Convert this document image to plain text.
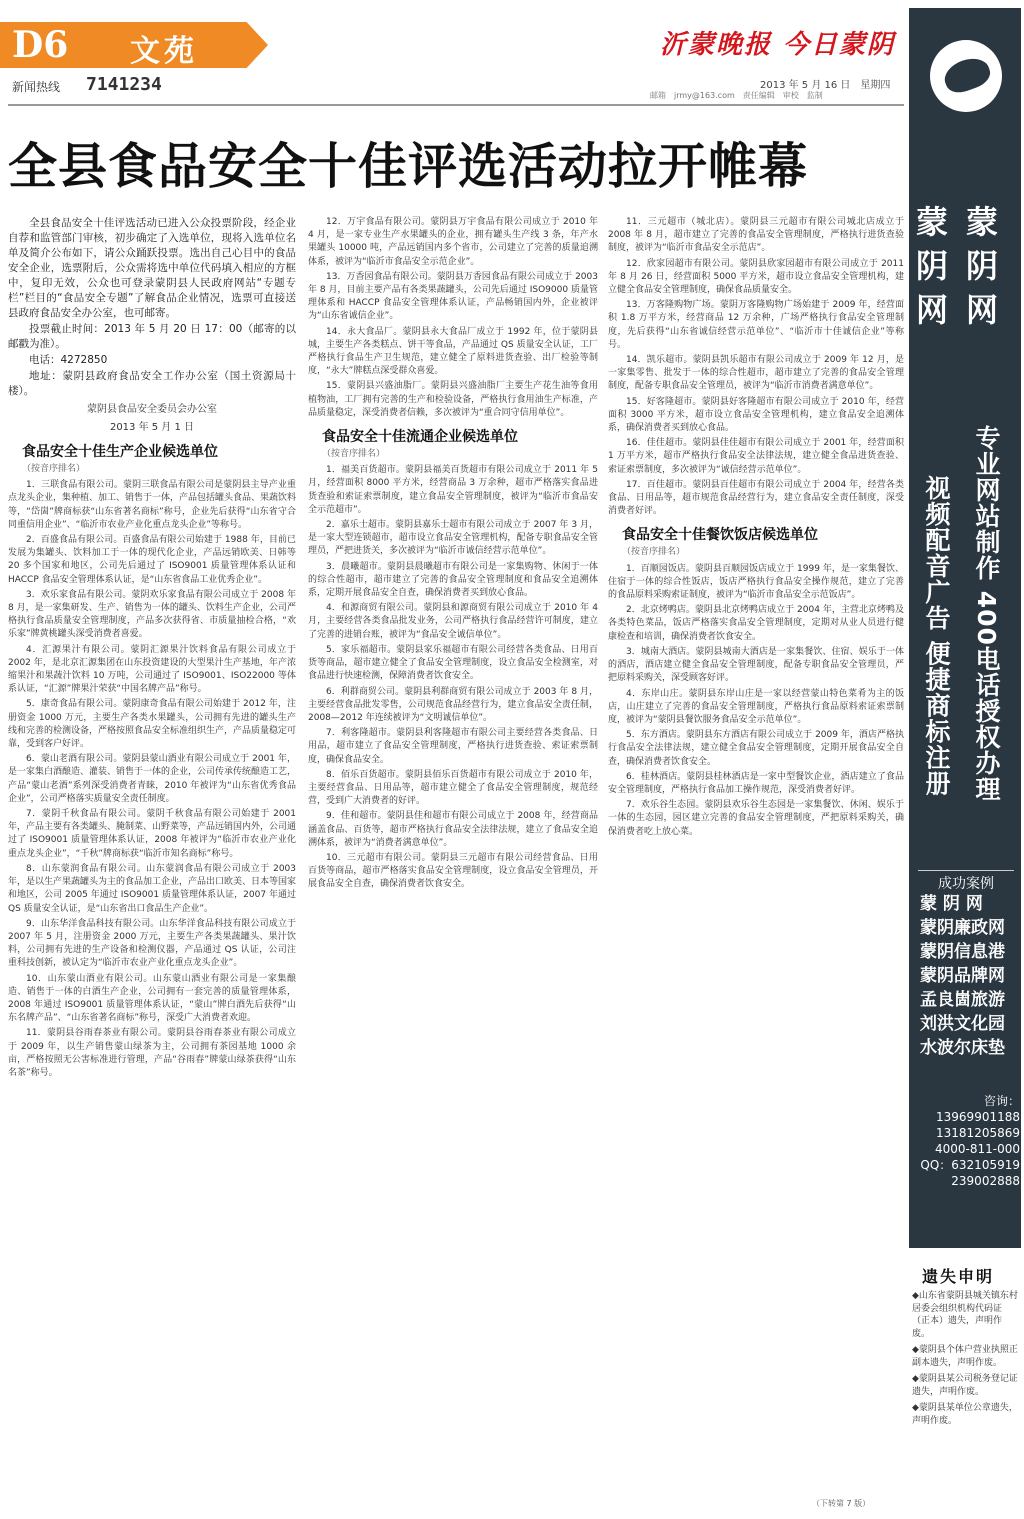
D6 文苑	沂蒙晚报 今日蒙阴
新闻热线 7141234	2013 年 5 月 16 日　星期四
邮箱　jrmy@163.com　责任编辑　审校　监制
全县食品安全十佳评选活动拉开帷幕

全县食品安全十佳评选活动已进入公众投票阶段，经企业自荐和监管部门审核，初步确定了入选单位，现将入选单位名单及简介公布如下，请公众踊跃投票。选出自己心目中的食品安全企业，选票附后，公众需将选中单位代码填入相应的方框中，复印无效，公众也可登录蒙阴县人民政府网站“专题专栏”栏目的“食品安全专题”了解食品企业情况，选票可直接送县政府食品安全办公室，也可邮寄。

投票截止时间：2013 年 5 月 20 日 17：00（邮寄的以邮戳为准）。

电话：4272850

地址：蒙阴县政府食品安全工作办公室（国土资源局十楼）。

蒙阴县食品安全委员会办公室
2013 年 5 月 1 日
食品安全十佳生产企业候选单位
（按音序排名）

1．三联食品有限公司。蒙阴三联食品有限公司是蒙阴县主导产业重点龙头企业，集种植、加工、销售于一体，产品包括罐头食品、果蔬饮料等，“岱崮”牌商标获“山东省著名商标”称号，企业先后获得“山东省守合同重信用企业”、“临沂市农业产业化重点龙头企业”等称号。

2．百盛食品有限公司。百盛食品有限公司始建于 1988 年，目前已发展为集罐头、饮料加工于一体的现代化企业，产品远销欧美、日韩等 20 多个国家和地区，公司先后通过了 ISO9001 质量管理体系认证和 HACCP 食品安全管理体系认证，是“山东省食品工业优秀企业”。

3．欢乐家食品有限公司。蒙阴欢乐家食品有限公司成立于 2008 年 8 月，是一家集研发、生产、销售为一体的罐头、饮料生产企业，公司严格执行食品质量安全管理制度，产品多次获得省、市质量抽检合格，“欢乐家”牌黄桃罐头深受消费者喜爱。

4．汇源果汁有限公司。蒙阴汇源果汁饮料食品有限公司成立于 2002 年，是北京汇源集团在山东投资建设的大型果汁生产基地，年产浓缩果汁和果蔬汁饮料 10 万吨，公司通过了 ISO9001、ISO22000 等体系认证，“汇源”牌果汁荣获“中国名牌产品”称号。

5．康奇食品有限公司。蒙阴康奇食品有限公司始建于 2012 年，注册资金 1000 万元，主要生产各类水果罐头，公司拥有先进的罐头生产线和完善的检测设备，严格按照食品安全标准组织生产，产品质量稳定可靠，受到客户好评。

6．蒙山老酒有限公司。蒙阴县蒙山酒业有限公司成立于 2001 年，是一家集白酒酿造、灌装、销售于一体的企业，公司传承传统酿造工艺，产品“蒙山老酒”系列深受消费者青睐，2010 年被评为“山东省优秀食品企业”，公司严格落实质量安全责任制度。

7．蒙阴千秋食品有限公司。蒙阴千秋食品有限公司始建于 2001 年，产品主要有各类罐头、腌制菜、山野菜等，产品远销国内外，公司通过了 ISO9001 质量管理体系认证，2008 年被评为“临沂市农业产业化重点龙头企业”，“千秋”牌商标获“临沂市知名商标”称号。

8．山东蒙润食品有限公司。山东蒙润食品有限公司成立于 2003 年，是以生产果蔬罐头为主的食品加工企业，产品出口欧美、日本等国家和地区，公司 2005 年通过 ISO9001 质量管理体系认证，2007 年通过 QS 质量安全认证，是“山东省出口食品生产企业”。

9．山东华洋食品科技有限公司。山东华洋食品科技有限公司成立于 2007 年 5 月，注册资金 2000 万元，主要生产各类果蔬罐头、果汁饮料，公司拥有先进的生产设备和检测仪器，产品通过 QS 认证，公司注重科技创新，被认定为“临沂市农业产业化重点龙头企业”。

10．山东蒙山酒业有限公司。山东蒙山酒业有限公司是一家集酿造、销售于一体的白酒生产企业，公司拥有一套完善的质量管理体系，2008 年通过 ISO9001 质量管理体系认证，“蒙山”牌白酒先后获得“山东名牌产品”、“山东省著名商标”称号，深受广大消费者欢迎。

11．蒙阴县谷雨春茶业有限公司。蒙阴县谷雨春茶业有限公司成立于 2009 年，以生产销售蒙山绿茶为主，公司拥有茶园基地 1000 余亩，严格按照无公害标准进行管理，产品“谷雨春”牌蒙山绿茶获得“山东名茶”称号。

12．万宇食品有限公司。蒙阴县万宇食品有限公司成立于 2010 年 4 月，是一家专业生产水果罐头的企业，拥有罐头生产线 3 条，年产水果罐头 10000 吨，产品远销国内多个省市，公司建立了完善的质量追溯体系，被评为“临沂市食品安全示范企业”。

13．万香园食品有限公司。蒙阴县万香园食品有限公司成立于 2003 年 8 月，目前主要产品有各类果蔬罐头，公司先后通过 ISO9000 质量管理体系和 HACCP 食品安全管理体系认证，产品畅销国内外，企业被评为“山东省诚信企业”。

14．永大食品厂。蒙阴县永大食品厂成立于 1992 年，位于蒙阴县城，主要生产各类糕点、饼干等食品，产品通过 QS 质量安全认证，工厂严格执行食品生产卫生规范，建立健全了原料进货查验、出厂检验等制度，“永大”牌糕点深受群众喜爱。

15．蒙阴县兴盛油脂厂。蒙阴县兴盛油脂厂主要生产花生油等食用植物油，工厂拥有完善的生产和检验设备，严格执行食用油生产标准，产品质量稳定，深受消费者信赖，多次被评为“重合同守信用单位”。

食品安全十佳流通企业候选单位
（按音序排名）

1．福美百货超市。蒙阴县福美百货超市有限公司成立于 2011 年 5 月，经营面积 8000 平方米，经营商品 3 万余种，超市严格落实食品进货查验和索证索票制度，建立食品安全管理制度，被评为“临沂市食品安全示范超市”。

2．嘉乐士超市。蒙阴县嘉乐士超市有限公司成立于 2007 年 3 月，是一家大型连锁超市，超市设立食品安全管理机构，配备专职食品安全管理员，严把进货关，多次被评为“临沂市诚信经营示范单位”。

3．晨曦超市。蒙阴县晨曦超市有限公司是一家集购物、休闲于一体的综合性超市，超市建立了完善的食品安全管理制度和食品安全追溯体系，定期开展食品安全自查，确保消费者买到放心食品。

4．和源商贸有限公司。蒙阴县和源商贸有限公司成立于 2010 年 4 月，主要经营各类食品批发业务，公司严格执行食品经营许可制度，建立了完善的进销台账，被评为“食品安全诚信单位”。

5．家乐福超市。蒙阴县家乐福超市有限公司经营各类食品、日用百货等商品，超市建立健全了食品安全管理制度，设立食品安全检测室，对食品进行快速检测，保障消费者饮食安全。

6．利群商贸公司。蒙阴县利群商贸有限公司成立于 2003 年 8 月，主要经营食品批发零售，公司规范食品经营行为，建立食品安全责任制，2008—2012 年连续被评为“文明诚信单位”。

7．利客隆超市。蒙阴县利客隆超市有限公司主要经营各类食品、日用品，超市建立了食品安全管理制度，严格执行进货查验、索证索票制度，确保食品安全。

8．佰乐百货超市。蒙阴县佰乐百货超市有限公司成立于 2010 年，主要经营食品、日用品等，超市建立健全了食品安全管理制度，规范经营，受到广大消费者的好评。

9．佳和超市。蒙阴县佳和超市有限公司成立于 2008 年，经营商品涵盖食品、百货等，超市严格执行食品安全法律法规，建立了食品安全追溯体系，被评为“消费者满意单位”。

10．三元超市有限公司。蒙阴县三元超市有限公司经营食品、日用百货等商品，超市严格落实食品安全管理制度，设立食品安全管理员，开展食品安全自查，确保消费者饮食安全。

11．三元超市（城北店）。蒙阴县三元超市有限公司城北店成立于 2008 年 8 月，超市建立了完善的食品安全管理制度，严格执行进货查验制度，被评为“临沂市食品安全示范店”。

12．欣家园超市有限公司。蒙阴县欣家园超市有限公司成立于 2011 年 8 月 26 日，经营面积 5000 平方米，超市设立食品安全管理机构，建立健全食品安全管理制度，确保食品质量安全。

13．万客隆购物广场。蒙阴万客隆购物广场始建于 2009 年，经营面积 1.8 万平方米，经营商品 12 万余种，广场严格执行食品安全管理制度，先后获得“山东省诚信经营示范单位”、“临沂市十佳诚信企业”等称号。

14．凯乐超市。蒙阴县凯乐超市有限公司成立于 2009 年 12 月，是一家集零售、批发于一体的综合性超市，超市建立了完善的食品安全管理制度，配备专职食品安全管理员，被评为“临沂市消费者满意单位”。

15．好客隆超市。蒙阴县好客隆超市有限公司成立于 2010 年，经营面积 3000 平方米，超市设立食品安全管理机构，建立食品安全追溯体系，确保消费者买到放心食品。

16．佳佳超市。蒙阴县佳佳超市有限公司成立于 2001 年，经营面积 1 万平方米，超市严格执行食品安全法律法规，建立健全食品进货查验、索证索票制度，多次被评为“诚信经营示范单位”。

17．百佳超市。蒙阴县百佳超市有限公司成立于 2004 年，经营各类食品、日用品等，超市规范食品经营行为，建立食品安全责任制度，深受消费者好评。

食品安全十佳餐饮饭店候选单位
（按音序排名）

1．百顺园饭店。蒙阴县百顺园饭店成立于 1999 年，是一家集餐饮、住宿于一体的综合性饭店，饭店严格执行食品安全操作规范，建立了完善的食品原料采购索证制度，被评为“临沂市食品安全示范饭店”。

2．北京烤鸭店。蒙阴县北京烤鸭店成立于 2004 年，主营北京烤鸭及各类特色菜品，饭店严格落实食品安全管理制度，定期对从业人员进行健康检查和培训，确保消费者饮食安全。

3．城南大酒店。蒙阴县城南大酒店是一家集餐饮、住宿、娱乐于一体的酒店，酒店建立健全食品安全管理制度，配备专职食品安全管理员，严把原料采购关，深受顾客好评。

4．东岸山庄。蒙阴县东岸山庄是一家以经营蒙山特色菜肴为主的饭店，山庄建立了完善的食品安全管理制度，严格执行食品原料索证索票制度，被评为“蒙阴县餐饮服务食品安全示范单位”。

5．东方酒店。蒙阴县东方酒店有限公司成立于 2009 年，酒店严格执行食品安全法律法规，建立健全食品安全管理制度，定期开展食品安全自查，确保消费者饮食安全。

6．桂林酒店。蒙阴县桂林酒店是一家中型餐饮企业，酒店建立了食品安全管理制度，严格执行食品加工操作规范，深受消费者好评。

7．欢乐谷生态园。蒙阴县欢乐谷生态园是一家集餐饮、休闲、娱乐于一体的生态园，园区建立完善的食品安全管理制度，严把原料采购关，确保消费者吃上放心菜。

（下转第 7 版）
蒙阴网
蒙阴网
专业网站制作 400电话授权办理
视频配音广告 便捷商标注册
成功案例
蒙 阴 网
蒙阴廉政网
蒙阴信息港
蒙阴品牌网
孟良崮旅游
刘洪文化园
水波尔床垫
咨询：13969901188
13181205869
4000-811-000
QQ：632105919
239002888
遗失申明

◆山东省蒙阴县城关镇东村居委会组织机构代码证（正本）遗失，声明作废。

◆蒙阴县个体户营业执照正副本遗失，声明作废。

◆蒙阴县某公司税务登记证遗失，声明作废。

◆蒙阴县某单位公章遗失，声明作废。
